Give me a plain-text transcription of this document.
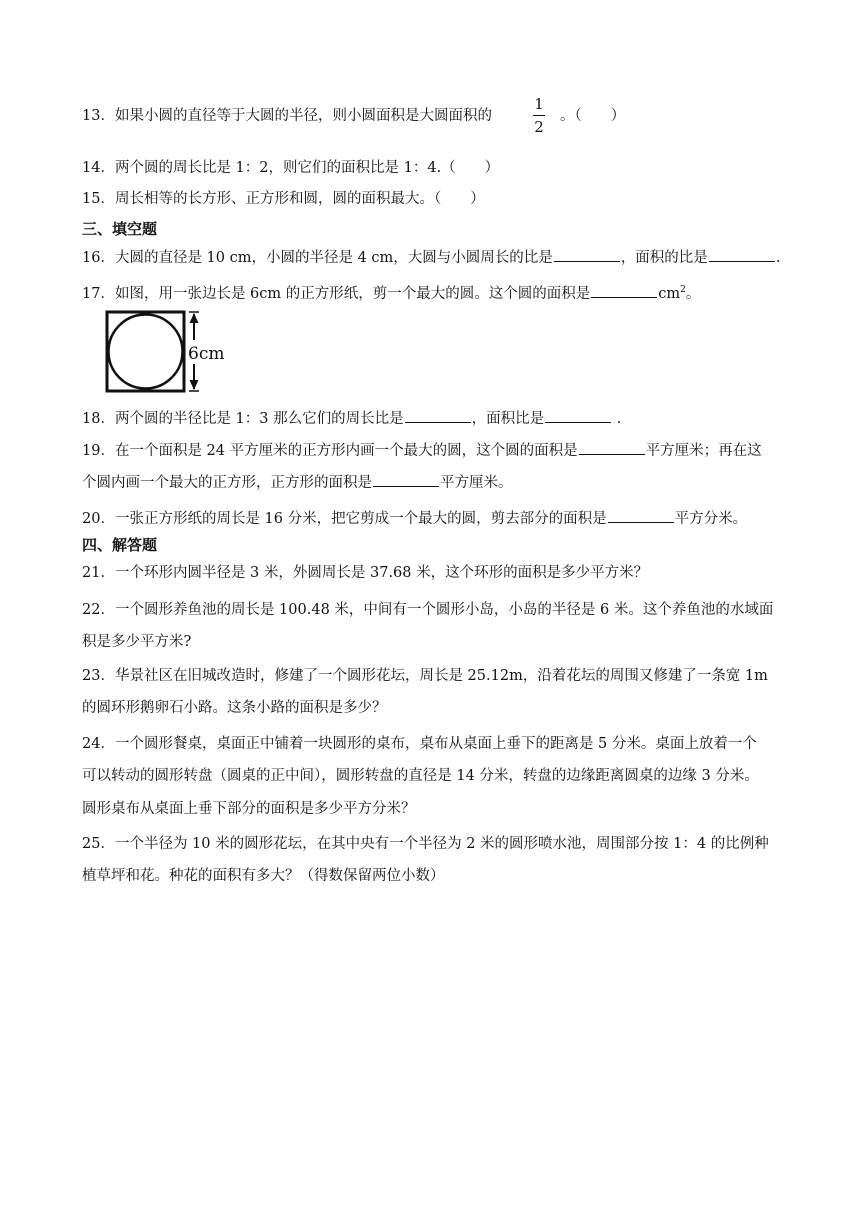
13．如果小圆的直径等于大圆的半径，则小圆面积是大圆面积的
1
2
。（　　）
14．两个圆的周长比是 1：2，则它们的面积比是 1：4.（　　）
15．周长相等的长方形、正方形和圆，圆的面积最大。（　　）
三、填空题
16．大圆的直径是 10 cm，小圆的半径是 4 cm，大圆与小圆周长的比是	，面积的比是	.
17．如图，用一张边长是 6cm 的正方形纸，剪一个最大的圆。这个圆的面积是	$cm^2$。
6cm
18．两个圆的半径比是 1：3 那么它们的周长比是	，面积比是	.
19．在一个面积是 24 平方厘米的正方形内画一个最大的圆，这个圆的面积是	平方厘米；再在这
个圆内画一个最大的正方形，正方形的面积是	平方厘米。
20．一张正方形纸的周长是 16 分米，把它剪成一个最大的圆，剪去部分的面积是	平方分米。
四、解答题
21．一个环形内圆半径是 3 米，外圆周长是 37.68 米，这个环形的面积是多少平方米？
22．一个圆形养鱼池的周长是 100.48 米，中间有一个圆形小岛，小岛的半径是 6 米。这个养鱼池的水域面
积是多少平方米?
23．华景社区在旧城改造时，修建了一个圆形花坛，周长是 25.12m，沿着花坛的周围又修建了一条宽 1m
的圆环形鹅卵石小路。这条小路的面积是多少？
24．一个圆形餐桌，桌面正中铺着一块圆形的桌布，桌布从桌面上垂下的距离是 5 分米。桌面上放着一个
可以转动的圆形转盘（圆桌的正中间），圆形转盘的直径是 14 分米，转盘的边缘距离圆桌的边缘 3 分米。
圆形桌布从桌面上垂下部分的面积是多少平方分米？
25．一个半径为 10 米的圆形花坛，在其中央有一个半径为 2 米的圆形喷水池，周围部分按 1：4 的比例种
植草坪和花。种花的面积有多大？（得数保留两位小数）
